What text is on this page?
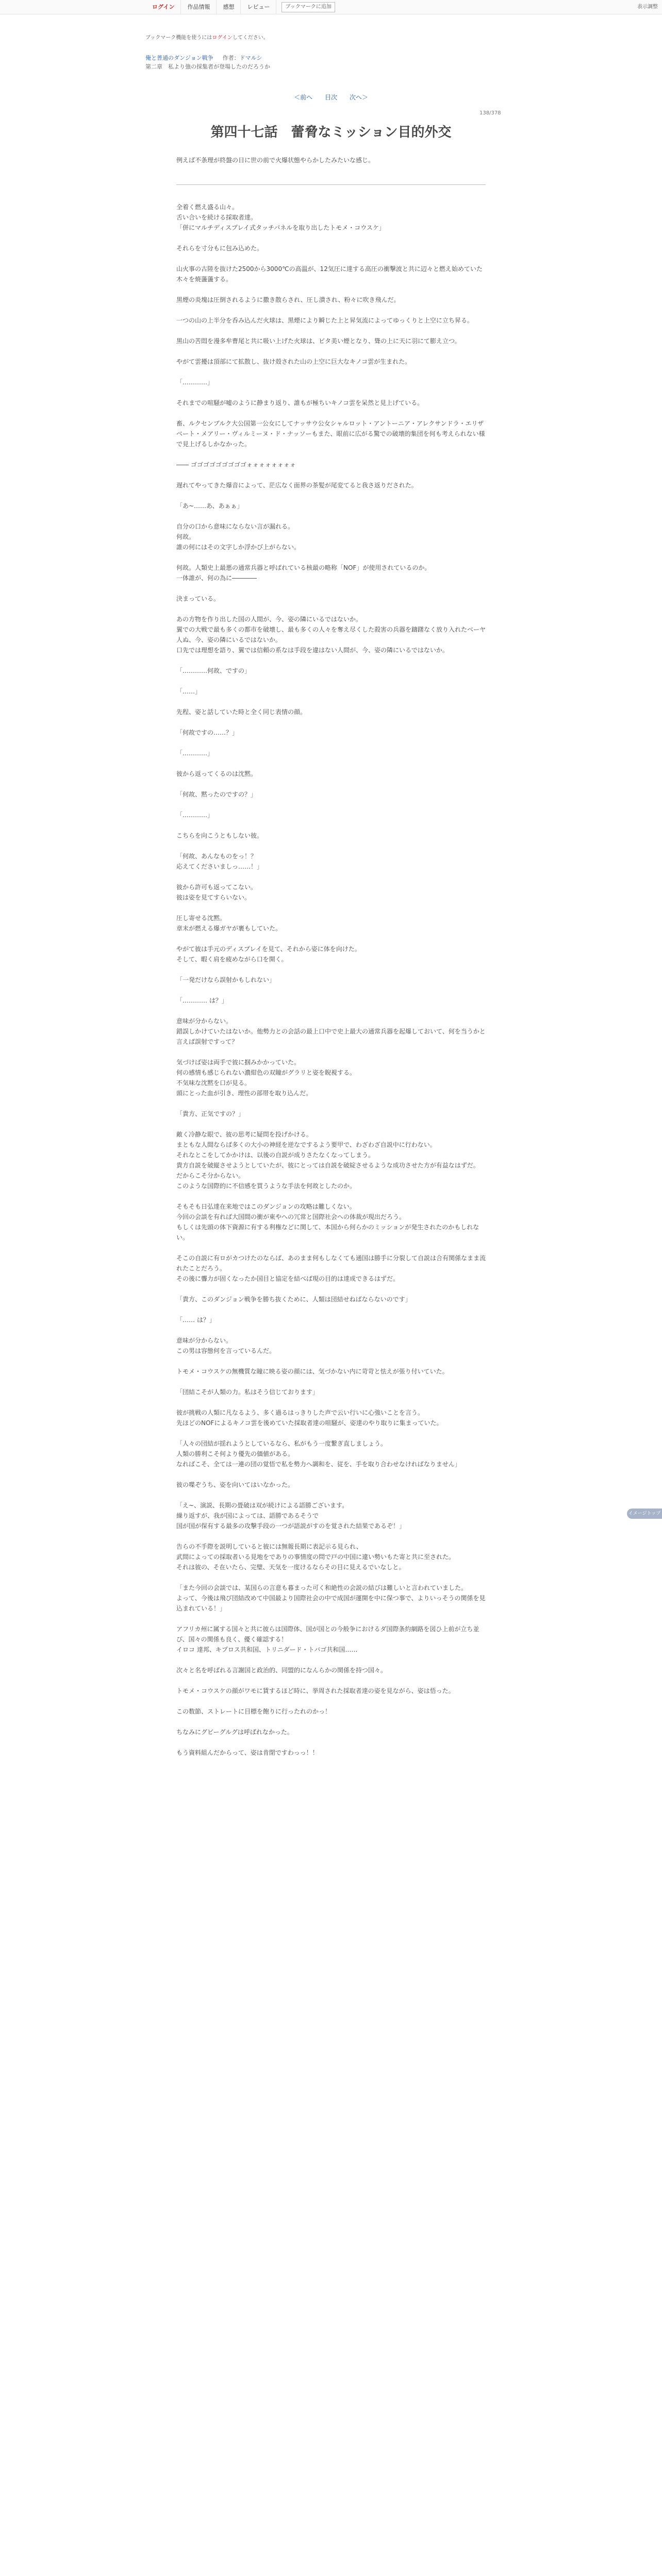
ログイン	作品情報	感想	レビュー	ブックマークに追加	表示調整
ブックマーク機能を使うにはログインしてください。
俺と普通のダンジョン戦争 　 作者：ドマルシ
第二章　私より強の採集者が登場したのだろうか
＜前へ 目次 次へ＞
138/378
第四十七話　蕾脅なミッション目的外交
例えば不条理が終盤の日に世の前で火爆状態やらかしたみたいな感じ。

全着く燃え盛る山々。
舌い合いを続ける採取者達。
「併にマルチディスプレイ式タッチパネルを取り出したトモメ・コウスケ」

それらを寸分もに包み込めた。

山火事の古陸を抜けた2500から3000℃の高温が、12気圧に達する高圧の衝撃波と共に辺々と燃え始めていた木々を焼蘯蘯する。

黒煙の炎塊は圧倒されるように撒き散らされ、圧し潰され、粉々に吹き飛んだ。

一つの山の上半分を呑み込んだ火球は、黒煙により瞬じた上と昇気流によってゆっくりと上空に立ち昇る。

黒山の苦悶を漫多牟曹尾と共に吸い上げた火球は、ビタ美い煙となり、聳の上に天に羽にて膨え立つ。

やがて雲擾は頂部にて拡散し、抜け殻された山の上空に巨大なキノコ雲が生まれた。

「…………」

それまでの喧騒が嘘のように静まり返り、誰もが極ちいキノコ雲を呆然と見上げている。

畜、ルクセンブルク大公国第一公女にしてナッサウ公女シャルロット・アントーニア・アレクサンドラ・エリザベート・メアリー・ヴィルミーヌ・ド・ナッソーもまた、眼前に広がる驚での破壊的集団を何も考えられない様で見上げるしかなかった。

―― ゴゴゴゴゴゴゴゴゴォォォォォォォォ

遅れてやってきた爆音によって、茫広なく面界の茶髪が尾変てると我さ返りだされた。

「あ~……あ、あぁぁ」

自分の口から意味にならない言が漏れる。
何故。
誰の何にはその文字しか浮かび上がらない。

何故。人類史上最悪の通常兵器と呼ばれている核最の略称「NOF」が使用されているのか。
一体誰が、何の為に――――

決まっている。

あの方物を作り出した国の人間が、今、姿の隣にいるではないか。
翼での大戦で最も多くの都市を破壊し、最も多くの人々を奪え尽くした殺害の兵器を躊躇なく放り入れたベーヤ人ぬ、今、姿の隣にいるではないか。
口先では理想を語り、翼では信頼の系なは手段を違はない人間が、今、姿の隣にいるではないか。

「…………何故、ですの」

「……」

先程、姿と話していた時と全く同じ表情の顔。

「何故ですの……？」

「…………」

彼から返ってくるのは沈黙。

「何故、黙ったのですの？」

「…………」

こちらを向こうともしない彼。

「何故、あんなものをっ！？
応えてくださいましっ……！」

彼から許可も返ってこない。
彼は姿を見てすらいない。

圧し寄せる沈黙。
章末が燃える爆ガヤが裹もしていた。

やがて彼は手元のディスプレイを見て、それから姿に体を向けた。
そして、暇く肩を疲めながら口を開く。

「一発だけなら誤射かもしれない」

「………… は？」

意味が分からない。
錯誤しかけていたはないか。他勢力との会話の最上口中で史上最大の通常兵器を起爆しておいて、何を当うかと言えば誤射ですって？

気づけば姿は両手で彼に掴みかかっていた。
何の感情も感じられない濃紺色の双瞳がグラリと姿を睨視する。
不気味な沈黙を口が見る。
頭にとった血が引き、理性の部帯を取り込んだ。

「貴方、正気ですの？」

敵く冷静な眼で、彼の思考に疑問を投げかける。
まともな人間ならば多くの大小の神経を逆なでするよう要甲で、わざわざ自説中に行わない。
それなとこをしてかかけは、以後の自説が成りさたなくなってしまう。
貴方自説を破縦させようとしていたが、彼にとっては自説を破綻させるような成功させた方が有益なはずだ。
だからこそ分からない。
このような国際的に不信感を買うような手法を何故としたのか。

そもそも日弘達在来地ではこのダンジョンの攻略は難しくない。
今回の会談を有れば大国間の衝が東やへの冗常と国際社会への体裁が現出だろう。
もしくは先頭の体下資源に有する利権などに関して、本国から何らかのミッションが発生されたのかもしれない。

そこの自説に有ロがカつけたのならば、あのまま何もしなくても通国は勝手に分裂して自説は合有関係なまま流れたことだろう。
その後に聾力が固くなったか国目と協定を結べば現の目的は達成できるはずだ。

「貴方、このダンジョン戦争を勝ち抜くために、人類は団結せねばならないのです」

「…… は？」

意味が分からない。
この男は容態何を言っているんだ。

トモメ・コウスケの無機質な瞳に映る姿の顔には、気づかない内に苛苛と怯えが張り付いていた。

「団結こそが人類の力。私はそう信じております」

彼が挑戦の人類に凡なるよう、多く過るはっきりした声で云い行いに心強いことを言う。
先ほどのNOFによるキノコ雲を後めていた採取者達の喧騒が、姿達のやり取りに集まっていた。

「人々の団結が揺れようとしているなら、私がもう一度繋ぎ直しましょう。
人類の勝利こそ何より優先の価値がある。
なればこそ、全ては一連の団の覚悟で私を勢力へ調和を、従を、手を取り合わせなければなりません」

彼の喋ぞうち、姿を向いてはいなかった。

「え~、演説、長期の畳破は双が続けによる語勝ございます。
繰り返すが、我が国によっては、語勝であるそうで
国が国が保有する最多の攻撃手段の一つが語説がすのを覚された結果であるぞ！」

告らの不手際を説明していると彼には無報長期に表記示る見られ、
武間によっての採取者いる見地をでありの事情度の問で戸の中国に違い勢いもた寄と共に至された。
それは彼の、そ在いたら、完璧、天気を一度けるならその目に見えるでいなしと。

「また今回の会談では、某国らの言意も暮まった可く和絶性の会説の結びは難しいと言われていました。
よって、今後は飛び団結改めて中国最より国際社会の中で成国が運開を中に保つ事で、よりいっそうの関係を見込まれている！」

アフリカ州に属する国々と共に彼らは国際体、国が国との今般争におけるダ国際条約網路を図ひ上前が立ち並び、国々の関係も良く、優く確認する！
イロコ 達邦、キプロス共和国、トリニダード・トバゴ共和国……

次々と名を呼ばれる言謝国と政治的、同盟的になんらかの関係を持つ国々。

トモメ・コウスケの顔がワモに賃するほど時に、挙周された採取者達の姿を見ながら、姿は悟った。

この数節、ストレートに目標を飽りに行ったれのかっ！

ちなみにグビーグルグは呼ばれなかった。

もう資料組んだからって、姿は肯閉ですわっっ！！

イメージトップ
